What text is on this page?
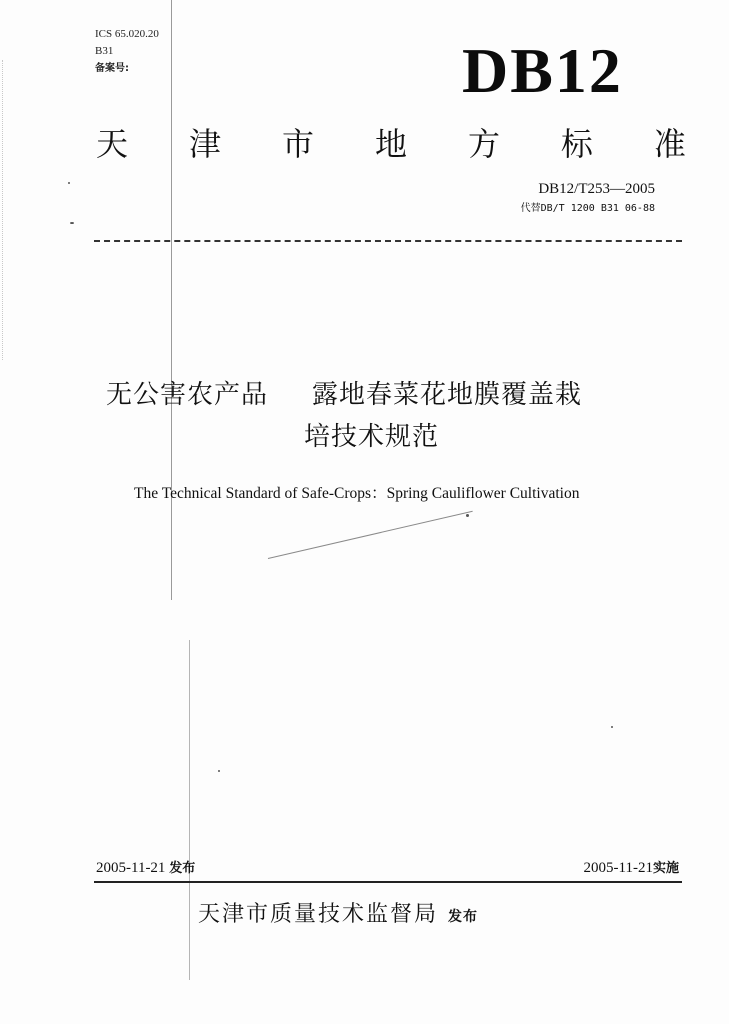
ICS 65.020.20
B31
备案号:	DB12
天 津 市 地 方 标 准
DB12/T253—2005
代替DB/T 1200 B31 06-88
无公害农产品 露地春菜花地膜覆盖栽
培技术规范
The Technical Standard of Safe-Crops：Spring Cauliflower Cultivation
2005-11-21 发布	2005-11-21实施
天津市质量技术监督局 发布
